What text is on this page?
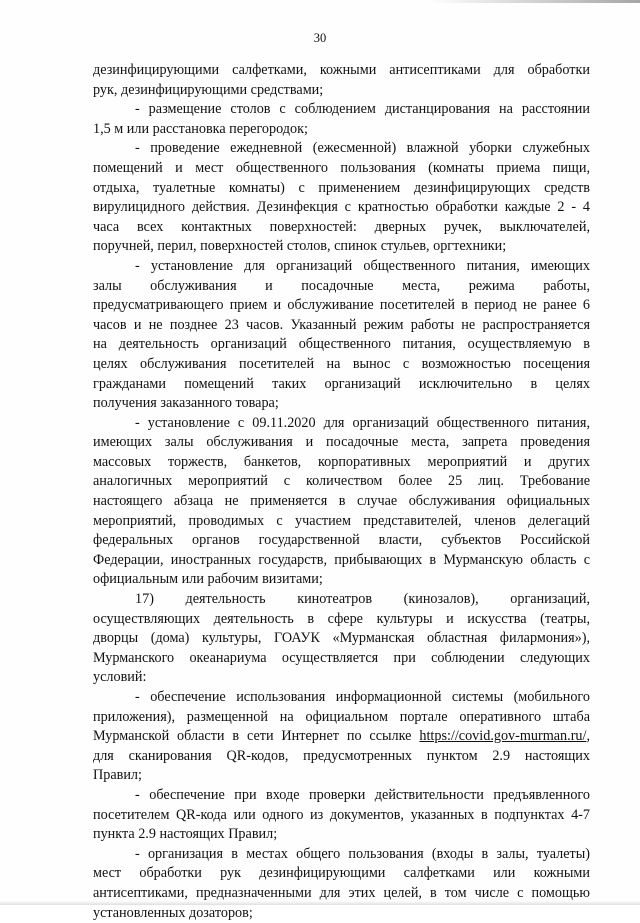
30
дезинфицирующими салфетками, кожными антисептиками для обработки
рук, дезинфицирующими средствами;
- размещение столов с соблюдением дистанцирования на расстоянии
1,5 м или расстановка перегородок;
- проведение ежедневной (ежесменной) влажной уборки служебных
помещений и мест общественного пользования (комнаты приема пищи,
отдыха, туалетные комнаты) с применением дезинфицирующих средств
вирулицидного действия. Дезинфекция с кратностью обработки каждые 2 - 4
часа всех контактных поверхностей: дверных ручек, выключателей,
поручней, перил, поверхностей столов, спинок стульев, оргтехники;
- установление для организаций общественного питания, имеющих
залы обслуживания и посадочные места, режима работы,
предусматривающего прием и обслуживание посетителей в период не ранее 6
часов и не позднее 23 часов. Указанный режим работы не распространяется
на деятельность организаций общественного питания, осуществляемую в
целях обслуживания посетителей на вынос с возможностью посещения
гражданами помещений таких организаций исключительно в целях
получения заказанного товара;
- установление с 09.11.2020 для организаций общественного питания,
имеющих залы обслуживания и посадочные места, запрета проведения
массовых торжеств, банкетов, корпоративных мероприятий и других
аналогичных мероприятий с количеством более 25 лиц. Требование
настоящего абзаца не применяется в случае обслуживания официальных
мероприятий, проводимых с участием представителей, членов делегаций
федеральных органов государственной власти, субъектов Российской
Федерации, иностранных государств, прибывающих в Мурманскую область с
официальным или рабочим визитами;
17) деятельность кинотеатров (кинозалов), организаций,
осуществляющих деятельность в сфере культуры и искусства (театры,
дворцы (дома) культуры, ГОАУК «Мурманская областная филармония»),
Мурманского океанариума осуществляется при соблюдении следующих
условий:
- обеспечение использования информационной системы (мобильного
приложения), размещенной на официальном портале оперативного штаба
Мурманской области в сети Интернет по ссылке https://covid.gov-murman.ru/,
для сканирования QR-кодов, предусмотренных пунктом 2.9 настоящих
Правил;
- обеспечение при входе проверки действительности предъявленного
посетителем QR-кода или одного из документов, указанных в подпунктах 4-7
пункта 2.9 настоящих Правил;
- организация в местах общего пользования (входы в залы, туалеты)
мест обработки рук дезинфицирующими салфетками или кожными
антисептиками, предназначенными для этих целей, в том числе с помощью
установленных дозаторов;
